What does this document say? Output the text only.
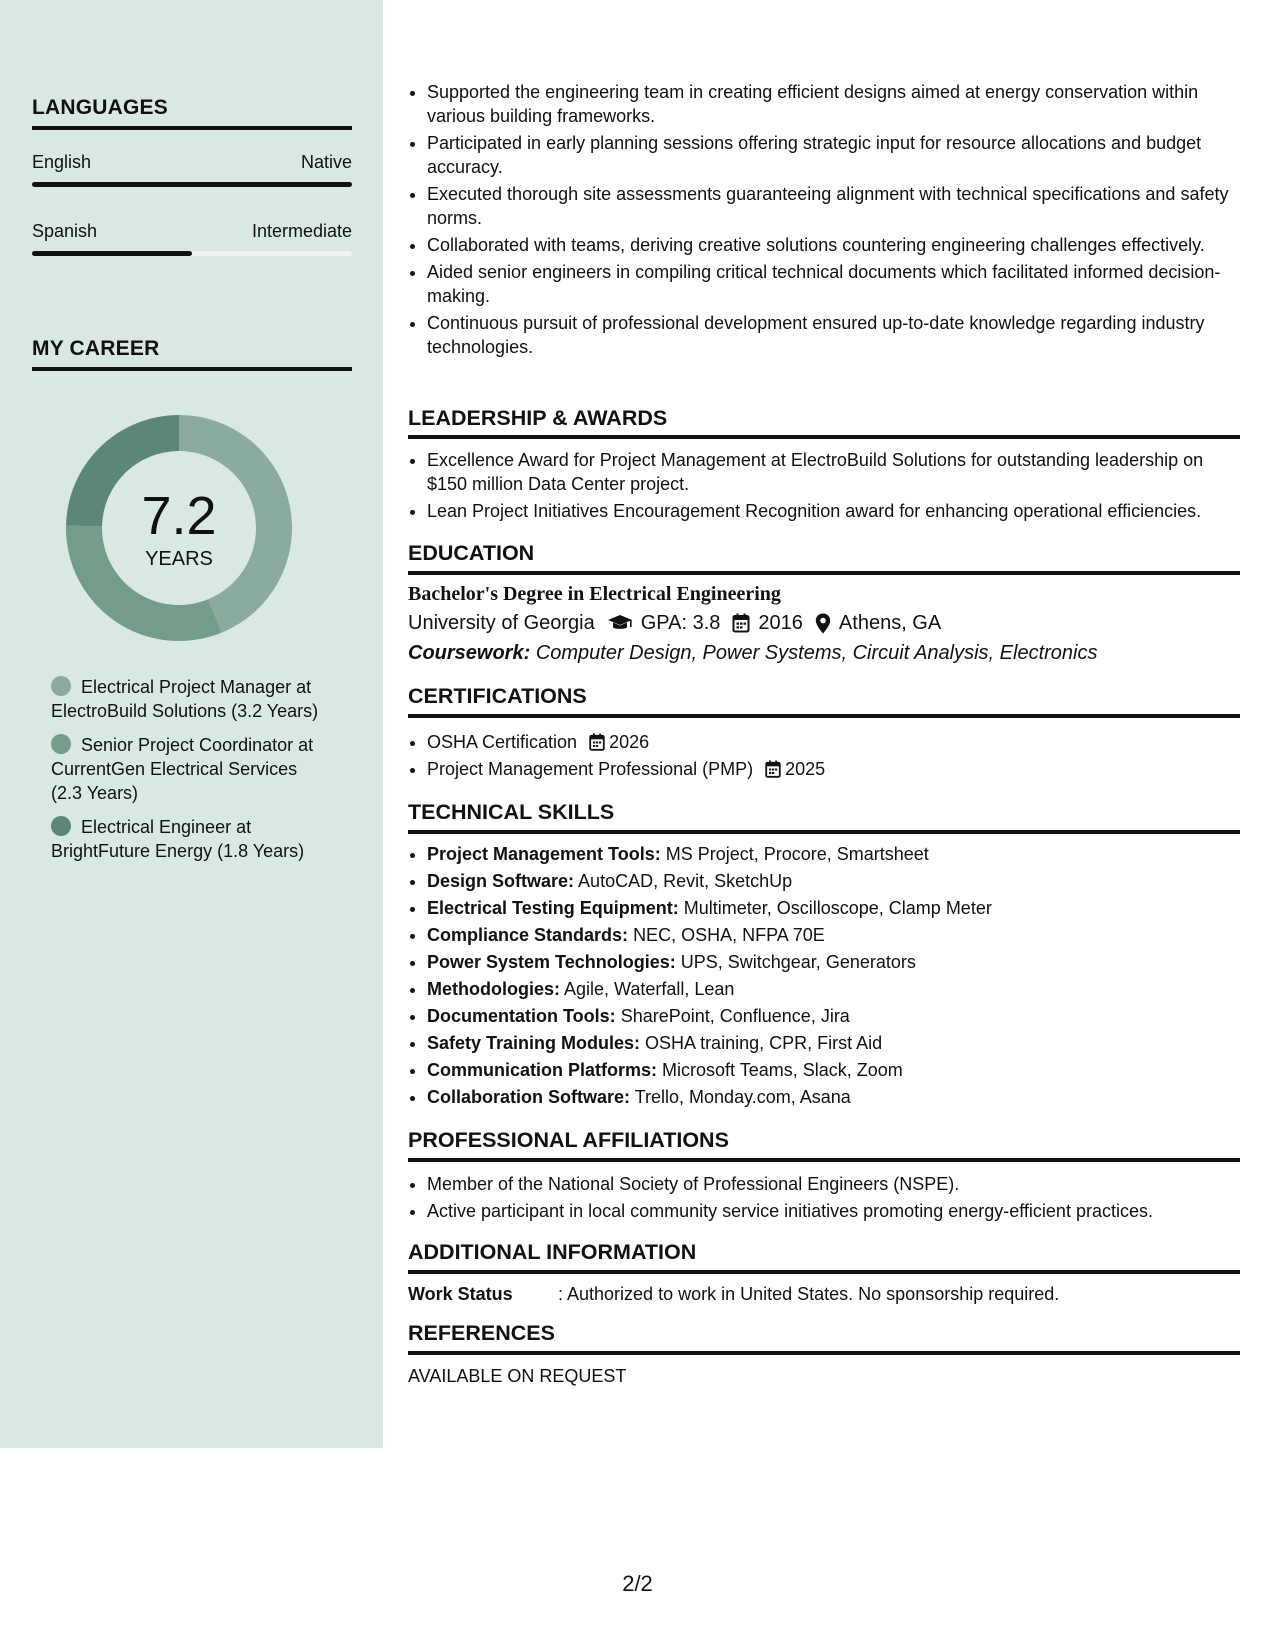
LANGUAGES
English	Native
Spanish	Intermediate
MY CAREER
7.2
YEARS
Electrical Project Manager at ElectroBuild Solutions (3.2 Years)
Senior Project Coordinator at CurrentGen Electrical Services (2.3 Years)
Electrical Engineer at BrightFuture Energy (1.8 Years)
• Supported the engineering team in creating efficient designs aimed at energy conservation within various building frameworks.
• Participated in early planning sessions offering strategic input for resource allocations and budget accuracy.
• Executed thorough site assessments guaranteeing alignment with technical specifications and safety norms.
• Collaborated with teams, deriving creative solutions countering engineering challenges effectively.
• Aided senior engineers in compiling critical technical documents which facilitated informed decision-making.
• Continuous pursuit of professional development ensured up-to-date knowledge regarding industry technologies.
LEADERSHIP & AWARDS
• Excellence Award for Project Management at ElectroBuild Solutions for outstanding leadership on $150 million Data Center project.
• Lean Project Initiatives Encouragement Recognition award for enhancing operational efficiencies.
EDUCATION
Bachelor's Degree in Electrical Engineering
University of Georgia GPA: 3.8 2016 Athens, GA
Coursework: Computer Design, Power Systems, Circuit Analysis, Electronics
CERTIFICATIONS
• OSHA Certification 2026
• Project Management Professional (PMP) 2025
TECHNICAL SKILLS
• Project Management Tools: MS Project, Procore, Smartsheet
• Design Software: AutoCAD, Revit, SketchUp
• Electrical Testing Equipment: Multimeter, Oscilloscope, Clamp Meter
• Compliance Standards: NEC, OSHA, NFPA 70E
• Power System Technologies: UPS, Switchgear, Generators
• Methodologies: Agile, Waterfall, Lean
• Documentation Tools: SharePoint, Confluence, Jira
• Safety Training Modules: OSHA training, CPR, First Aid
• Communication Platforms: Microsoft Teams, Slack, Zoom
• Collaboration Software: Trello, Monday.com, Asana
PROFESSIONAL AFFILIATIONS
• Member of the National Society of Professional Engineers (NSPE).
• Active participant in local community service initiatives promoting energy-efficient practices.
ADDITIONAL INFORMATION
Work Status	: Authorized to work in United States. No sponsorship required.
REFERENCES
AVAILABLE ON REQUEST
2/2
